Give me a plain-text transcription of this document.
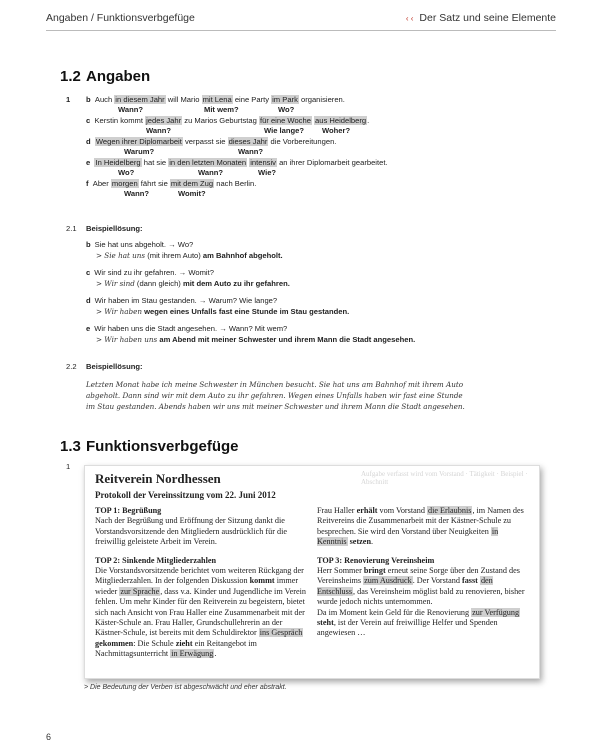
Angaben / Funktionsverbgefüge	‹ ‹ Der Satz und seine Elemente
1.2 Angaben
1 b Auch in diesem Jahr will Mario mit Lena eine Party im Park organisieren.
Wann?	Mit wem?	Wo?
c Kerstin kommt jedes Jahr zu Marios Geburtstag für eine Woche aus Heidelberg.
Wann?	Wie lange? Woher?
d Wegen ihrer Diplomarbeit verpasst sie dieses Jahr die Vorbereitungen.
Warum?	Wann?
e In Heidelberg hat sie in den letzten Monaten intensiv an ihrer Diplomarbeit gearbeitet.
Wo?	Wann?	Wie?
f Aber morgen fährt sie mit dem Zug nach Berlin.
Wann?	Womit?
2.1 Beispiellösung:
b Sie hat uns abgeholt. → Wo?
> Sie hat uns (mit ihrem Auto) am Bahnhof abgeholt.
c Wir sind zu ihr gefahren. → Womit?
> Wir sind (dann gleich) mit dem Auto zu ihr gefahren.
d Wir haben im Stau gestanden. → Warum? Wie lange?
> Wir haben wegen eines Unfalls fast eine Stunde im Stau gestanden.
e Wir haben uns die Stadt angesehen. → Wann? Mit wem?
> Wir haben uns am Abend mit meiner Schwester und ihrem Mann die Stadt angesehen.
2.2 Beispiellösung:
Letzten Monat habe ich meine Schwester in München besucht. Sie hat uns am Bahnhof mit ihrem Auto
abgeholt. Dann sind wir mit dem Auto zu ihr gefahren. Wegen eines Unfalls haben wir fast eine Stunde
im Stau gestanden. Abends haben wir uns mit meiner Schwester und ihrem Mann die Stadt angesehen.
1.3 Funktionsverbgefüge
1
Aufgabe verfasst wird vom Vorstand · Tätigkeit · Beispiel · Abschnitt
Reitverein Nordhessen
Protokoll der Vereinssitzung vom 22. Juni 2012

TOP 1: Begrüßung
Nach der Begrüßung und Eröffnung der Sitzung dankt die Vorstandsvorsitzende den Mitgliedern ausdrücklich für die freiwillig geleistete Arbeit im Verein.

TOP 2: Sinkende Mitgliederzahlen
Die Vorstandsvorsitzende berichtet vom weiteren Rückgang der Mitgliederzahlen. In der folgenden Diskussion kommt immer wieder zur Sprache, dass v.a. Kinder und Jugendliche im Verein fehlen. Um mehr Kinder für den Reitverein zu begeistern, bietet sich nach Ansicht von Frau Haller eine Zusammenarbeit mit der Käster-Schule an. Frau Haller, Grundschullehrerin an der Kästner-Schule, ist bereits mit dem Schuldirektor ins Gespräch gekommen: Die Schule zieht ein Reitangebot im Nachmittagsunterricht in Erwägung.

Frau Haller erhält vom Vorstand die Erlaubnis, im Namen des Reitvereins die Zusammenarbeit mit der Kästner-Schule zu besprechen. Sie wird den Vorstand über Neuigkeiten in Kenntnis setzen.

TOP 3: Renovierung Vereinsheim
Herr Sommer bringt erneut seine Sorge über den Zustand des Vereinsheims zum Ausdruck. Der Vorstand fasst den Entschluss, das Vereinsheim möglist bald zu renovieren, bisher wurde jedoch nichts unternommen.
Da im Moment kein Geld für die Renovierung zur Verfügung steht, ist der Verein auf freiwillige Helfer und Spenden angewiesen …

> Die Bedeutung der Verben ist abgeschwächt und eher abstrakt.
6
